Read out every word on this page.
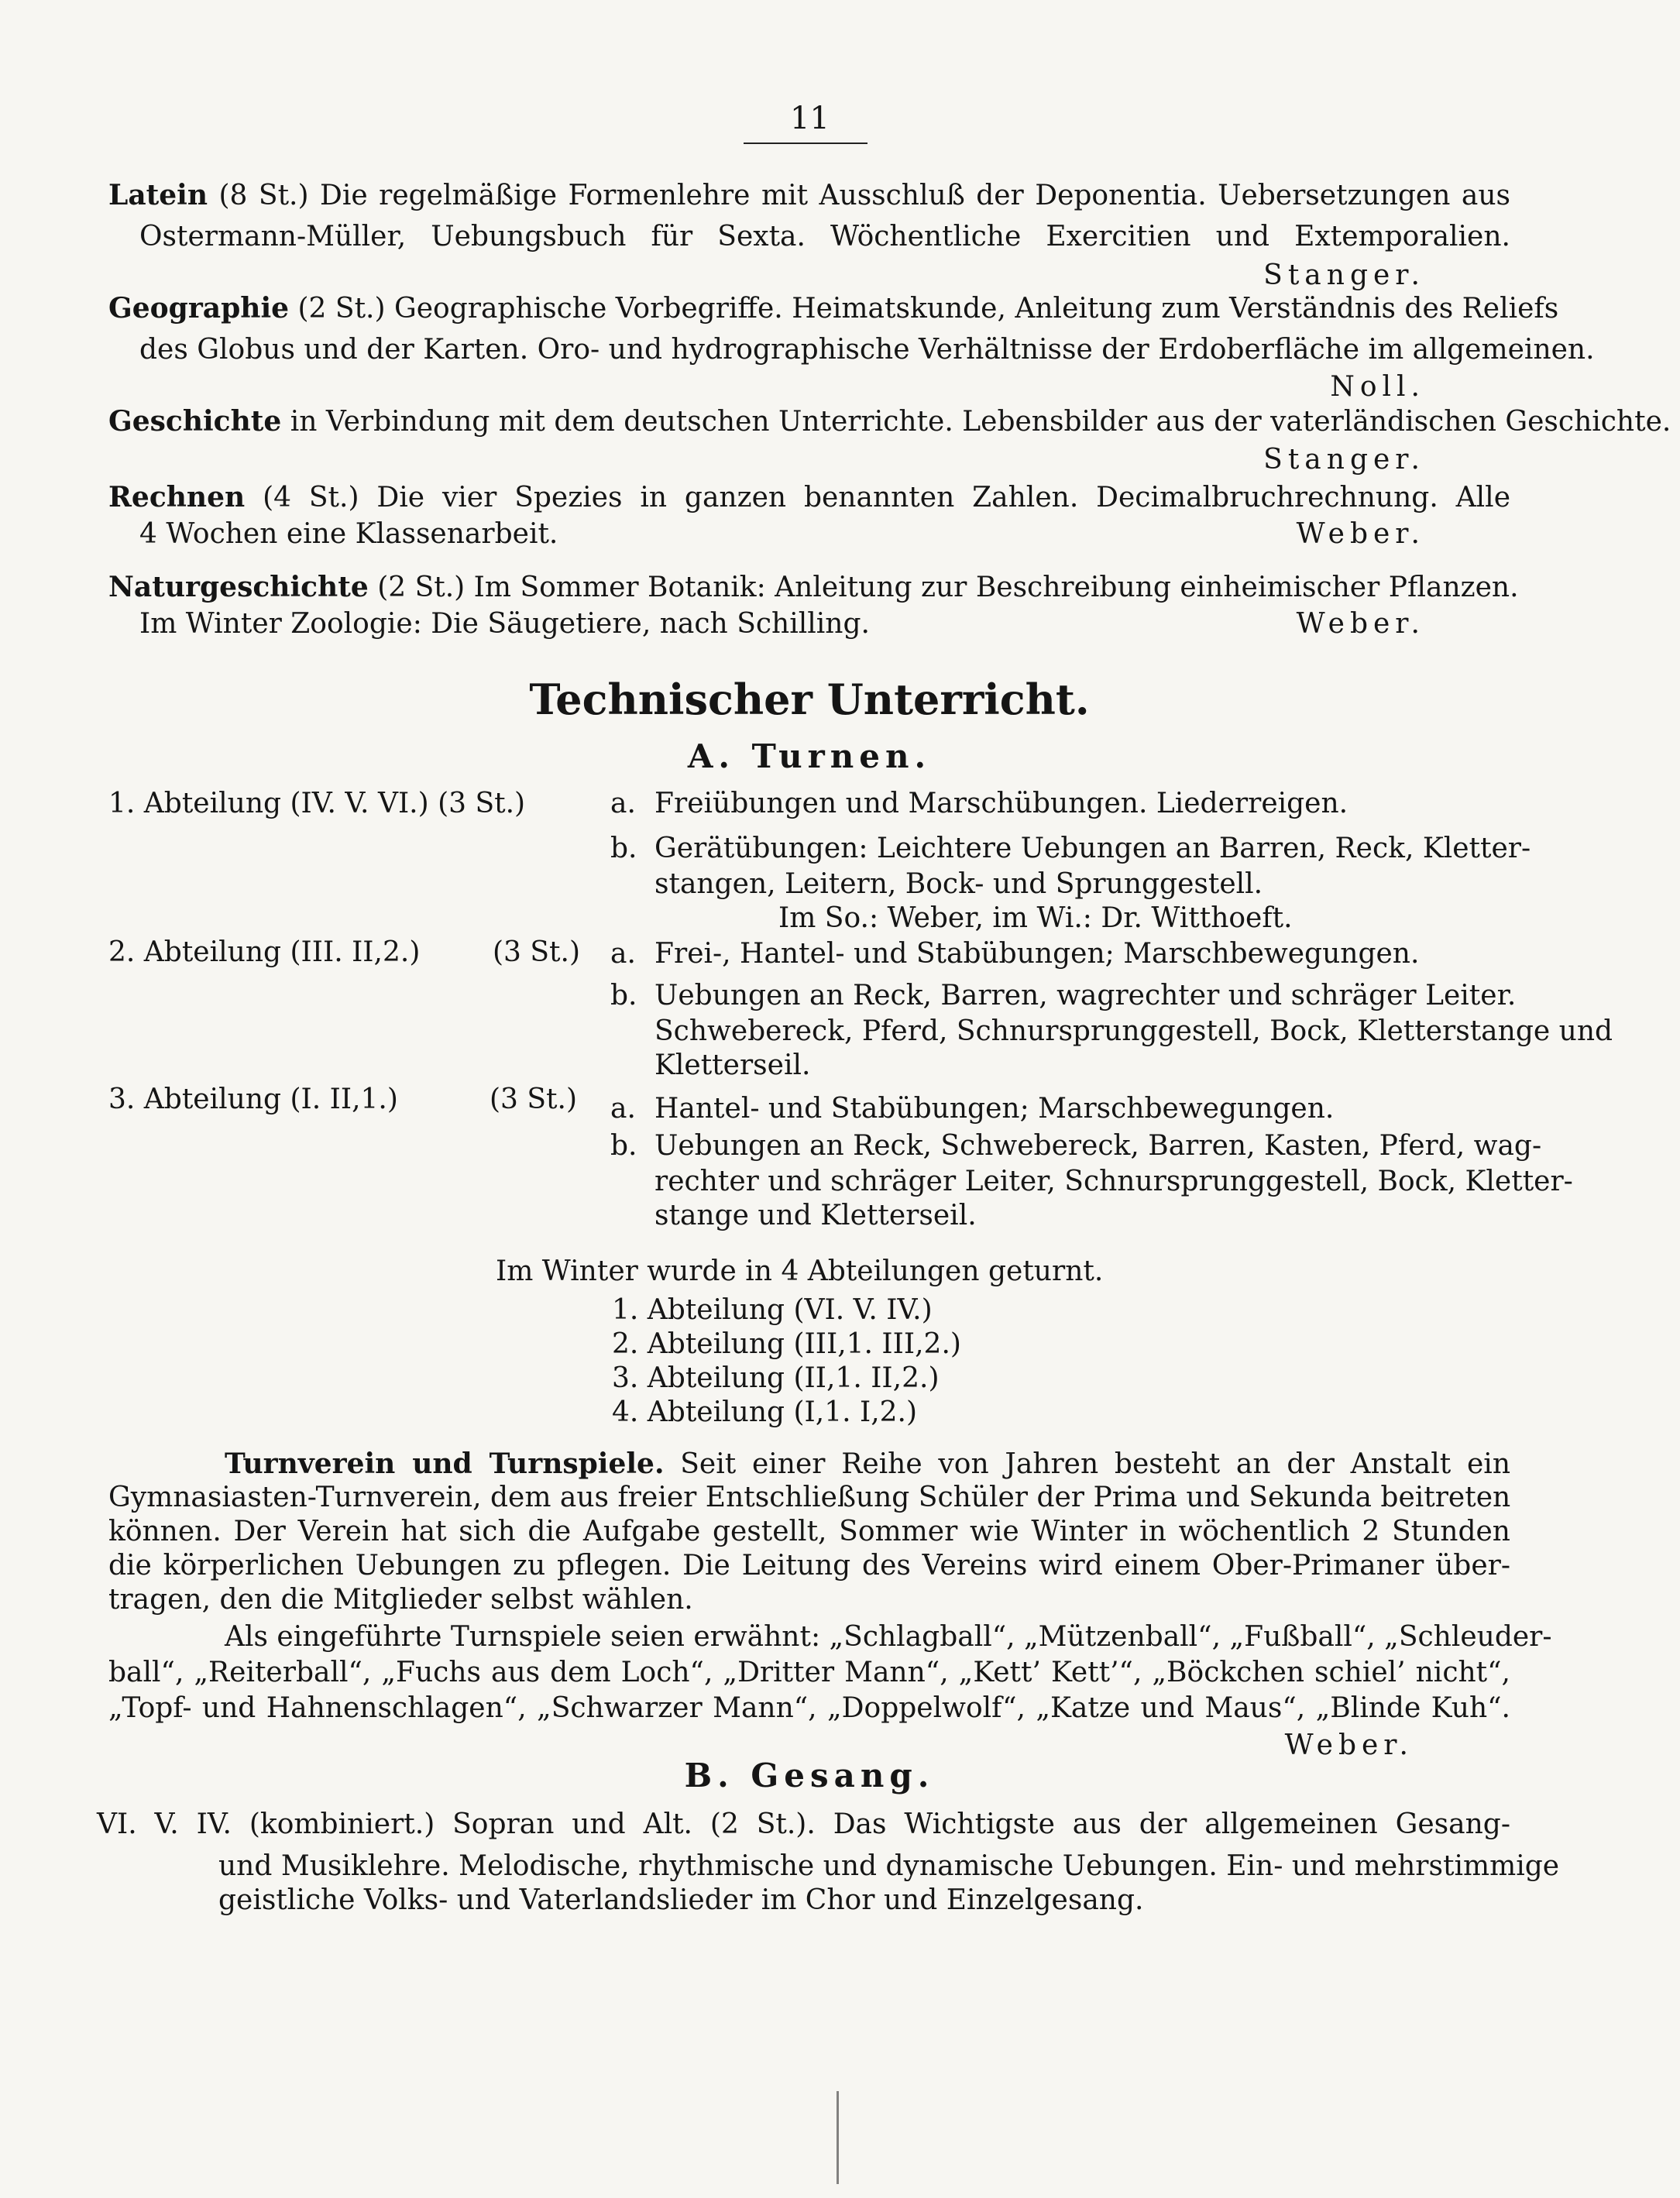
11
Latein (8 St.) Die regelmäßige Formenlehre mit Ausschluß der Deponentia. Uebersetzungen aus
Ostermann-Müller, Uebungsbuch für Sexta. Wöchentliche Exercitien und Extemporalien.
Stanger.
Geographie (2 St.) Geographische Vorbegriffe. Heimatskunde, Anleitung zum Verständnis des Reliefs
des Globus und der Karten. Oro- und hydrographische Verhältnisse der Erdoberfläche im allgemeinen.
Noll.
Geschichte in Verbindung mit dem deutschen Unterrichte. Lebensbilder aus der vaterländischen Geschichte.
Stanger.
Rechnen (4 St.) Die vier Spezies in ganzen benannten Zahlen. Decimalbruchrechnung. Alle
4 Wochen eine Klassenarbeit.	Weber.
Naturgeschichte (2 St.) Im Sommer Botanik: Anleitung zur Beschreibung einheimischer Pflanzen.
Im Winter Zoologie: Die Säugetiere, nach Schilling.	Weber.
Technischer Unterricht.
A. Turnen.
1. Abteilung (IV. V. VI.) (3 St.)	a. Freiübungen und Marschübungen. Liederreigen.
b. Gerätübungen: Leichtere Uebungen an Barren, Reck, Kletter-
stangen, Leitern, Bock- und Sprunggestell.
Im So.: Weber, im Wi.: Dr. Witthoeft.
2. Abteilung (III. II,2.)	(3 St.) a. Frei-, Hantel- und Stabübungen; Marschbewegungen.
b. Uebungen an Reck, Barren, wagrechter und schräger Leiter.
Schwebereck, Pferd, Schnursprunggestell, Bock, Kletterstange und
Kletterseil.
3. Abteilung (I. II,1.)	(3 St.) a. Hantel- und Stabübungen; Marschbewegungen.
b. Uebungen an Reck, Schwebereck, Barren, Kasten, Pferd, wag-
rechter und schräger Leiter, Schnursprunggestell, Bock, Kletter-
stange und Kletterseil.
Im Winter wurde in 4 Abteilungen geturnt.
1. Abteilung (VI. V. IV.)
2. Abteilung (III,1. III,2.)
3. Abteilung (II,1. II,2.)
4. Abteilung (I,1. I,2.)
Turnverein und Turnspiele. Seit einer Reihe von Jahren besteht an der Anstalt ein
Gymnasiasten-Turnverein, dem aus freier Entschließung Schüler der Prima und Sekunda beitreten
können. Der Verein hat sich die Aufgabe gestellt, Sommer wie Winter in wöchentlich 2 Stunden
die körperlichen Uebungen zu pflegen. Die Leitung des Vereins wird einem Ober-Primaner über-
tragen, den die Mitglieder selbst wählen.
Als eingeführte Turnspiele seien erwähnt: „Schlagball“, „Mützenball“, „Fußball“, „Schleuder-
ball“, „Reiterball“, „Fuchs aus dem Loch“, „Dritter Mann“, „Kett’ Kett’“, „Böckchen schiel’ nicht“,
„Topf- und Hahnenschlagen“, „Schwarzer Mann“, „Doppelwolf“, „Katze und Maus“, „Blinde Kuh“.
Weber.
B. Gesang.
VI. V. IV. (kombiniert.) Sopran und Alt. (2 St.). Das Wichtigste aus der allgemeinen Gesang-
und Musiklehre. Melodische, rhythmische und dynamische Uebungen. Ein- und mehrstimmige
geistliche Volks- und Vaterlandslieder im Chor und Einzelgesang.
